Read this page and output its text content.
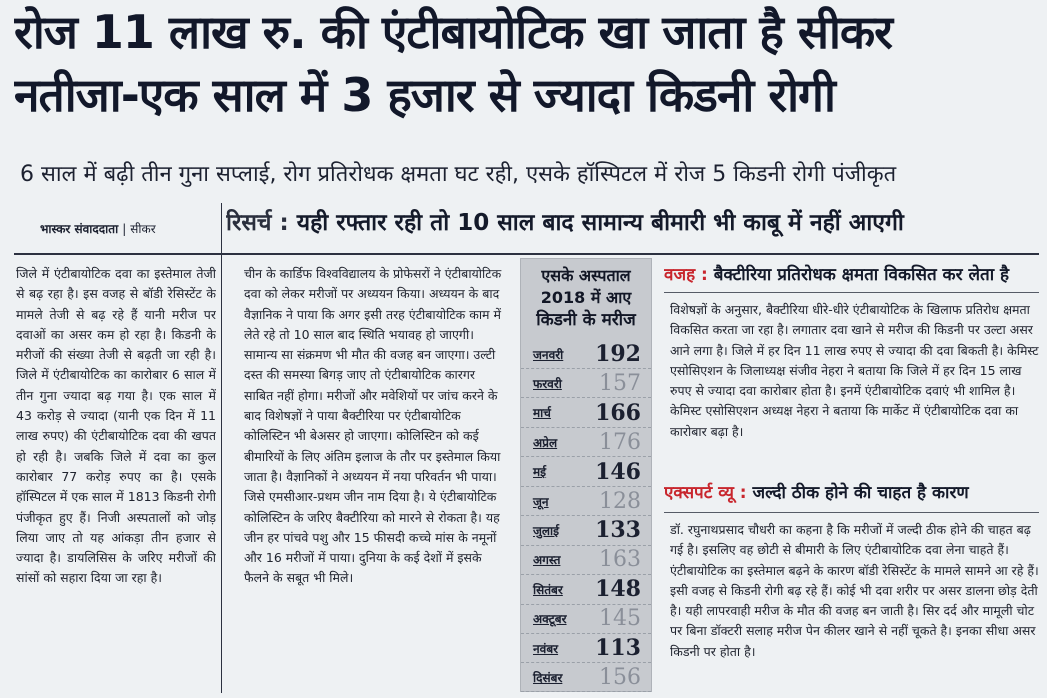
रोज 11 लाख रु. की एंटीबायोटिक खा जाता है सीकर
नतीजा-एक साल में 3 हजार से ज्यादा किडनी रोगी
6 साल में बढ़ी तीन गुना सप्लाई, रोग प्रतिरोधक क्षमता घट रही, एसके हॉस्पिटल में रोज 5 किडनी रोगी पंजीकृत
भास्कर संवाददाता | सीकर	रिसर्च : यही रफ्तार रही तो 10 साल बाद सामान्य बीमारी भी काबू में नहीं आएगी
जिले में एंटीबायोटिक दवा का इस्तेमाल तेजी से बढ़ रहा है। इस वजह से बॉडी रेसिस्टेंट के मामले तेजी से बढ़ रहे हैं यानी मरीज पर दवाओं का असर कम हो रहा है। किडनी के मरीजों की संख्या तेजी से बढ़ती जा रही है। जिले में एंटीबायोटिक का कारोबार 6 साल में तीन गुना ज्यादा बढ़ गया है। एक साल में 43 करोड़ से ज्यादा (यानी एक दिन में 11 लाख रुपए) की एंटीबायोटिक दवा की खपत हो रही है। जबकि जिले में दवा का कुल कारोबार 77 करोड़ रुपए का है। एसके हॉस्पिटल में एक साल में 1813 किडनी रोगी पंजीकृत हुए हैं। निजी अस्पतालों को जोड़ लिया जाए तो यह आंकड़ा तीन हजार से ज्यादा है। डायलिसिस के जरिए मरीजों की सांसों को सहारा दिया जा रहा है।
चीन के कार्डिफ विश्वविद्यालय के प्रोफेसरों ने एंटीबायोटिक दवा को लेकर मरीजों पर अध्ययन किया। अध्ययन के बाद वैज्ञानिक ने पाया कि अगर इसी तरह एंटीबायोटिक काम में लेते रहे तो 10 साल बाद स्थिति भयावह हो जाएगी। सामान्य सा संक्रमण भी मौत की वजह बन जाएगा। उल्टी दस्त की समस्या बिगड़ जाए तो एंटीबायोटिक कारगर साबित नहीं होगा। मरीजों और मवेशियों पर जांच करने के बाद विशेषज्ञों ने पाया बैक्टीरिया पर एंटीबायोटिक कोलिस्टिन भी बेअसर हो जाएगा। कोलिस्टिन को कई बीमारियों के लिए अंतिम इलाज के तौर पर इस्तेमाल किया जाता है। वैज्ञानिकों ने अध्ययन में नया परिवर्तन भी पाया। जिसे एमसीआर-प्रथम जीन नाम दिया है। ये एंटीबायोटिक कोलिस्टिन के जरिए बैक्टीरिया को मारने से रोकता है। यह जीन हर पांचवे पशु और 15 फीसदी कच्चे मांस के नमूनों और 16 मरीजों में पाया। दुनिया के कई देशों में इसके फैलने के सबूत भी मिले।
एसके अस्पताल
2018 में आए
किडनी के मरीज
जनवरी 192
फरवरी 157
मार्च 166
अप्रेल 176
मई 146
जून 128
जुलाई 133
अगस्त 163
सितंबर 148
अक्टूबर 145
नवंबर 113
दिसंबर 156
वजह : बैक्टीरिया प्रतिरोधक क्षमता विकसित कर लेता है
विशेषज्ञों के अनुसार, बैक्टीरिया धीरे-धीरे एंटीबायोटिक के खिलाफ प्रतिरोध क्षमता विकसित करता जा रहा है। लगातार दवा खाने से मरीज की किडनी पर उल्टा असर आने लगा है। जिले में हर दिन 11 लाख रुपए से ज्यादा की दवा बिकती है। केमिस्ट एसोसिएशन के जिलाध्यक्ष संजीव नेहरा ने बताया कि जिले में हर दिन 15 लाख रुपए से ज्यादा दवा कारोबार होता है। इनमें एंटीबायोटिक दवाएं भी शामिल है। केमिस्ट एसोसिएशन अध्यक्ष नेहरा ने बताया कि मार्केट में एंटीबायोटिक दवा का कारोबार बढ़ा है।
एक्सपर्ट व्यू : जल्दी ठीक होने की चाहत है कारण
डॉ. रघुनाथप्रसाद चौधरी का कहना है कि मरीजों में जल्दी ठीक होने की चाहत बढ़ गई है। इसलिए वह छोटी से बीमारी के लिए एंटीबायोटिक दवा लेना चाहते हैं। एंटीबायोटिक का इस्तेमाल बढ़ने के कारण बॉडी रेसिस्टेंट के मामले सामने आ रहे हैं। इसी वजह से किडनी रोगी बढ़ रहे हैं। कोई भी दवा शरीर पर असर डालना छोड़ देती है। यही लापरवाही मरीज के मौत की वजह बन जाती है। सिर दर्द और मामूली चोट पर बिना डॉक्टरी सलाह मरीज पेन कीलर खाने से नहीं चूकते है। इनका सीधा असर किडनी पर होता है।
